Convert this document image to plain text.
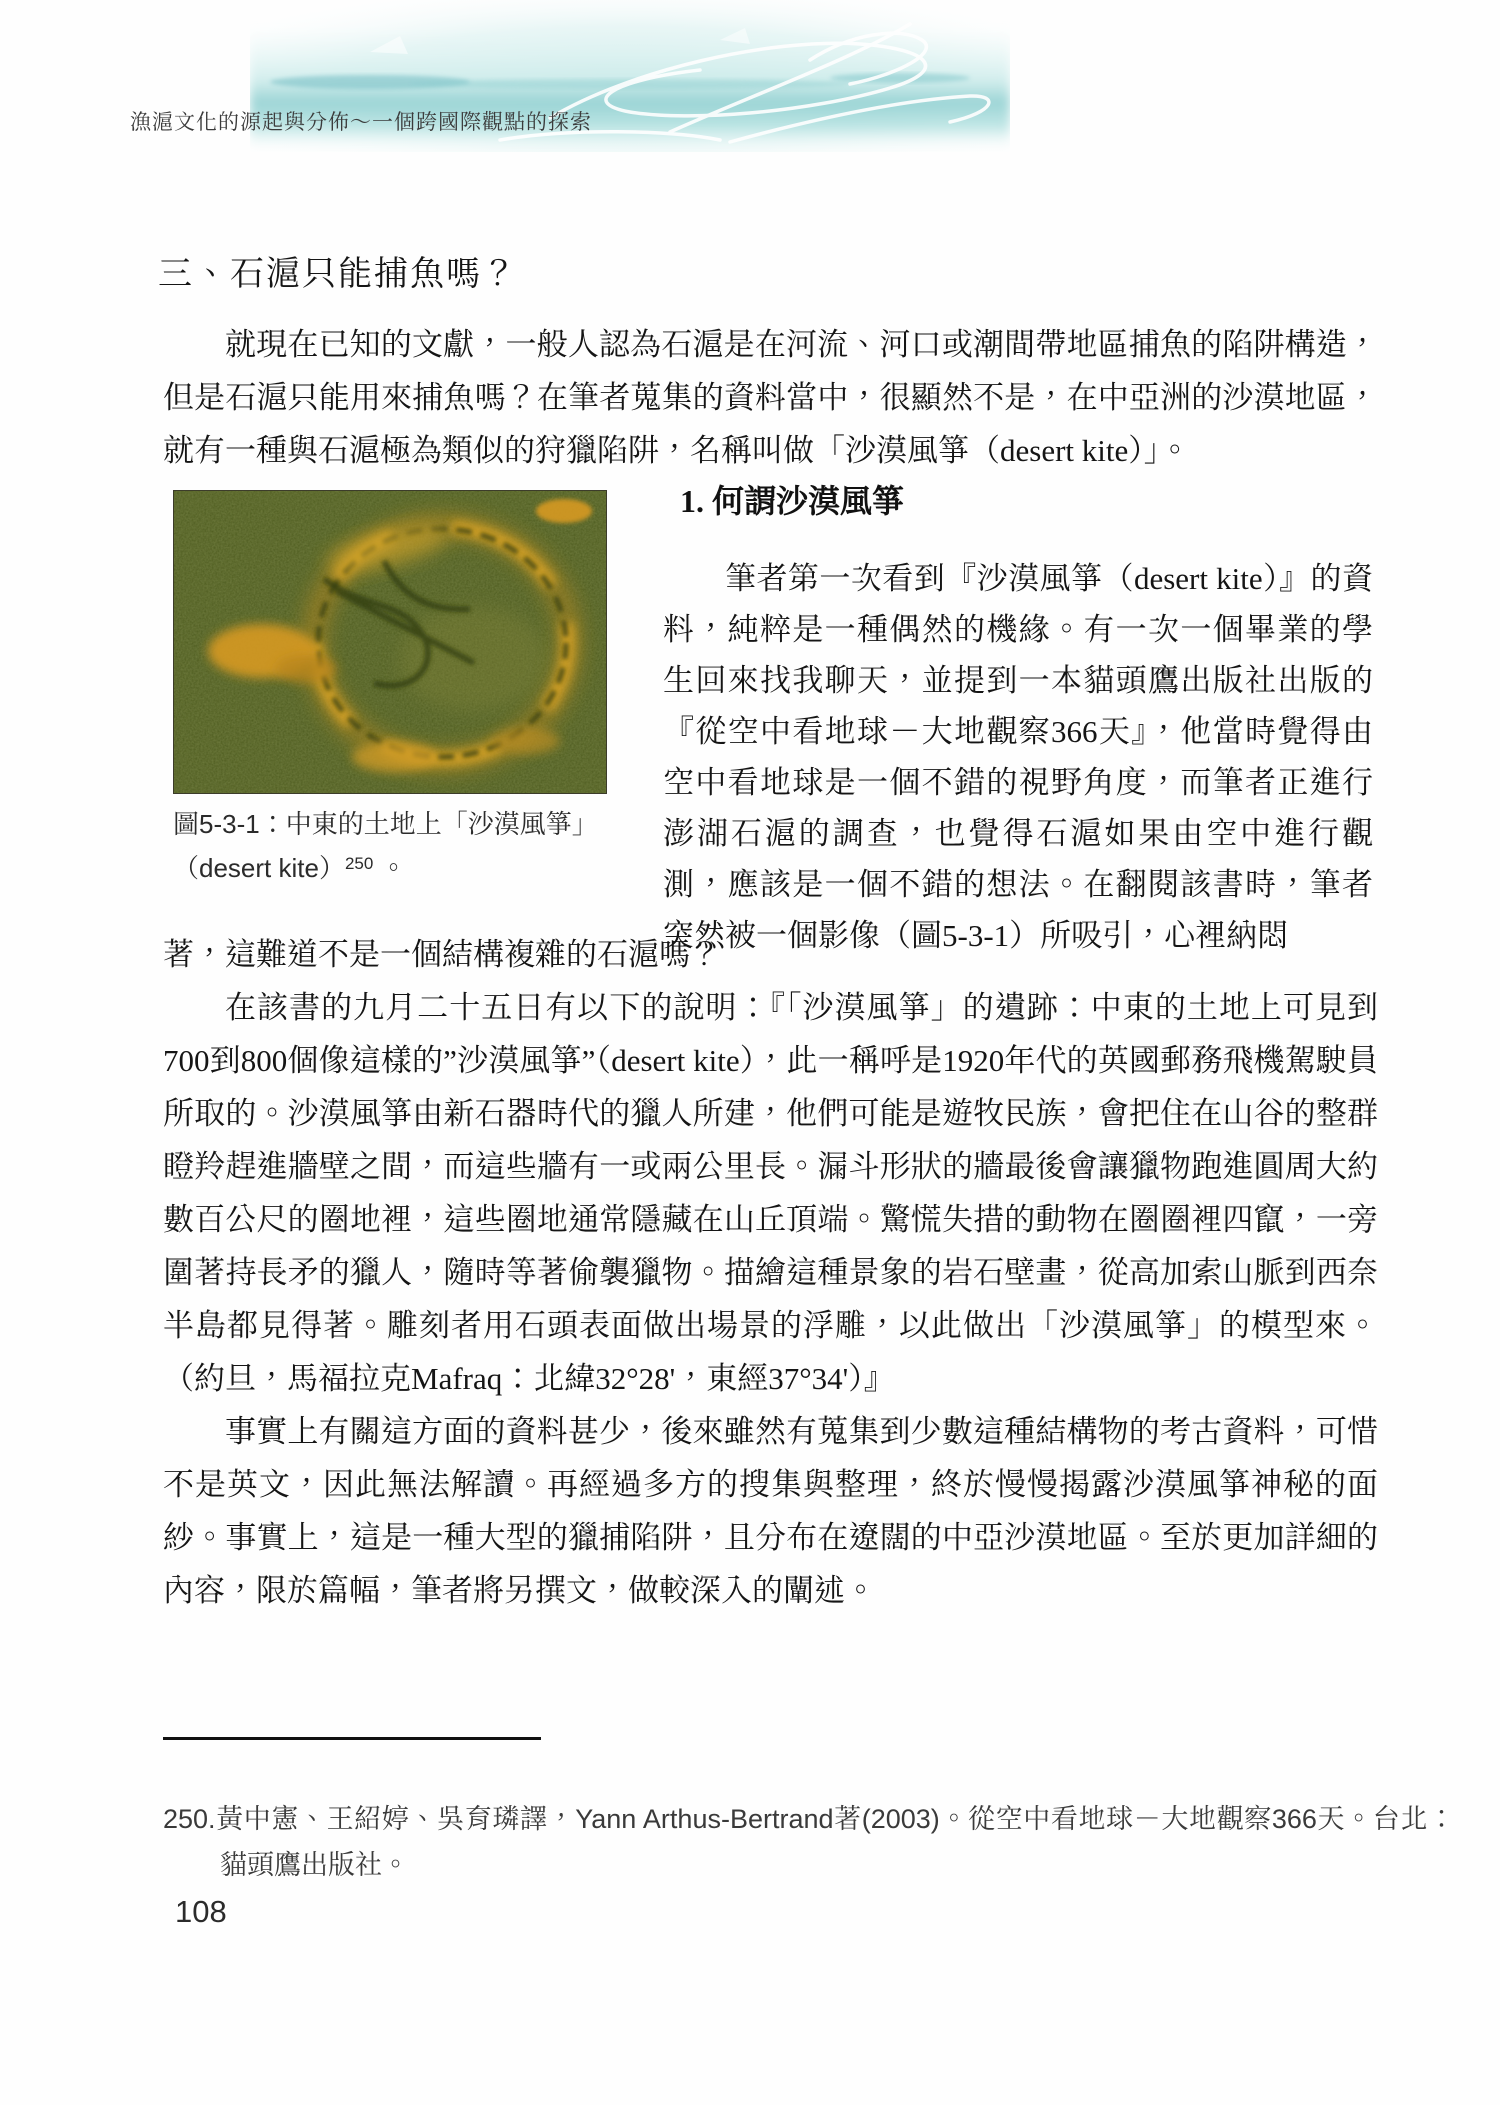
漁滬文化的源起與分佈～一個跨國際觀點的探索
三、石滬只能捕魚嗎？

就現在已知的文獻，一般人認為石滬是在河流、河口或潮間帶地區捕魚的陷阱構造，但是石滬只能用來捕魚嗎？在筆者蒐集的資料當中，很顯然不是，在中亞洲的沙漠地區，就有一種與石滬極為類似的狩獵陷阱，名稱叫做「沙漠風箏（desert kite）」。

圖5-3-1：中東的土地上「沙漠風箏」（desert kite）$^{250}$ 。
1. 何謂沙漠風箏

筆者第一次看到『沙漠風箏（desert kite）』的資料，純粹是一種偶然的機緣。有一次一個畢業的學生回來找我聊天，並提到一本貓頭鷹出版社出版的『從空中看地球－大地觀察366天』，他當時覺得由空中看地球是一個不錯的視野角度，而筆者正進行澎湖石滬的調查，也覺得石滬如果由空中進行觀測，應該是一個不錯的想法。在翻閱該書時，筆者突然被一個影像（圖5-3-1）所吸引，心裡納悶

著，這難道不是一個結構複雜的石滬嗎？

在該書的九月二十五日有以下的說明：『「沙漠風箏」的遺跡：中東的土地上可見到700到800個像這樣的”沙漠風箏”（desert kite），此一稱呼是1920年代的英國郵務飛機駕駛員所取的。沙漠風箏由新石器時代的獵人所建，他們可能是遊牧民族，會把住在山谷的整群瞪羚趕進牆壁之間，而這些牆有一或兩公里長。漏斗形狀的牆最後會讓獵物跑進圓周大約數百公尺的圈地裡，這些圈地通常隱藏在山丘頂端。驚慌失措的動物在圈圈裡四竄，一旁圍著持長矛的獵人，隨時等著偷襲獵物。描繪這種景象的岩石壁畫，從高加索山脈到西奈半島都見得著。雕刻者用石頭表面做出場景的浮雕，以此做出「沙漠風箏」的模型來。（約旦，馬福拉克Mafraq：北緯32°28'，東經37°34'）』

事實上有關這方面的資料甚少，後來雖然有蒐集到少數這種結構物的考古資料，可惜不是英文，因此無法解讀。再經過多方的搜集與整理，終於慢慢揭露沙漠風箏神秘的面紗。事實上，這是一種大型的獵捕陷阱，且分布在遼闊的中亞沙漠地區。至於更加詳細的內容，限於篇幅，筆者將另撰文，做較深入的闡述。

250.黃中憲、王紹婷、吳育璘譯，Yann Arthus-Bertrand著(2003)。從空中看地球－大地觀察366天。台北：貓頭鷹出版社。
108
